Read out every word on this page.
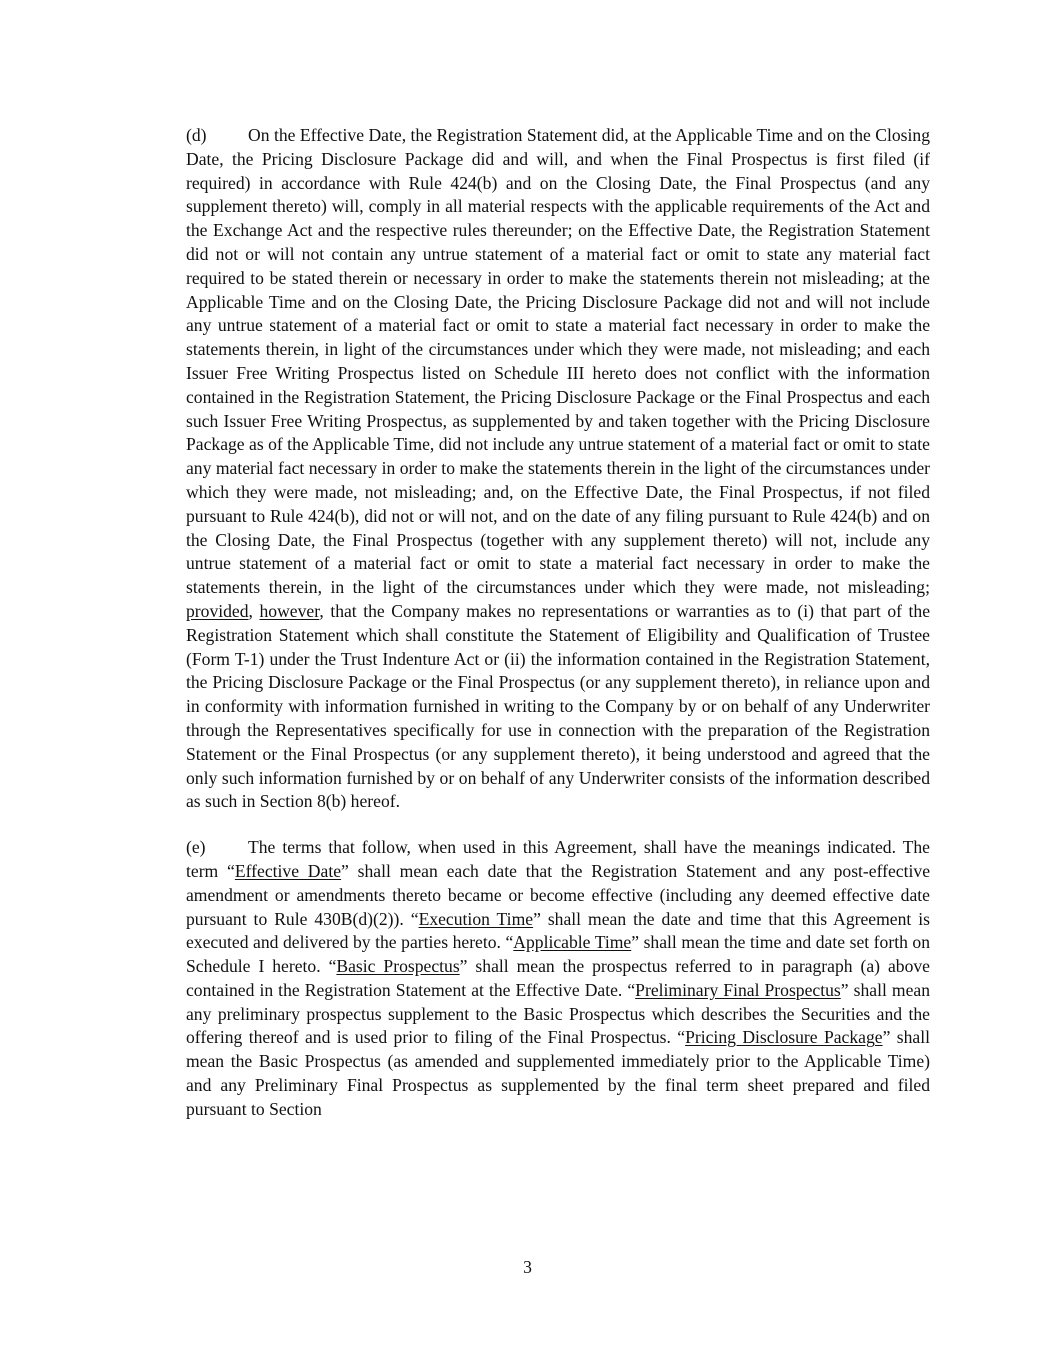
(d) On the Effective Date, the Registration Statement did, at the Applicable Time and on the Closing Date, the Pricing Disclosure Package did and will, and when the Final Prospectus is first filed (if required) in accordance with Rule 424(b) and on the Closing Date, the Final Prospectus (and any supplement thereto) will, comply in all material respects with the applicable requirements of the Act and the Exchange Act and the respective rules thereunder; on the Effective Date, the Registration Statement did not or will not contain any untrue statement of a material fact or omit to state any material fact required to be stated therein or necessary in order to make the statements therein not misleading; at the Applicable Time and on the Closing Date, the Pricing Disclosure Package did not and will not include any untrue statement of a material fact or omit to state a material fact necessary in order to make the statements therein, in light of the circumstances under which they were made, not misleading; and each Issuer Free Writing Prospectus listed on Schedule III hereto does not conflict with the information contained in the Registration Statement, the Pricing Disclosure Package or the Final Prospectus and each such Issuer Free Writing Prospectus, as supplemented by and taken together with the Pricing Disclosure Package as of the Applicable Time, did not include any untrue statement of a material fact or omit to state any material fact necessary in order to make the statements therein in the light of the circumstances under which they were made, not misleading; and, on the Effective Date, the Final Prospectus, if not filed pursuant to Rule 424(b), did not or will not, and on the date of any filing pursuant to Rule 424(b) and on the Closing Date, the Final Prospectus (together with any supplement thereto) will not, include any untrue statement of a material fact or omit to state a material fact necessary in order to make the statements therein, in the light of the circumstances under which they were made, not misleading; provided, however, that the Company makes no representations or warranties as to (i) that part of the Registration Statement which shall constitute the Statement of Eligibility and Qualification of Trustee (Form T-1) under the Trust Indenture Act or (ii) the information contained in the Registration Statement, the Pricing Disclosure Package or the Final Prospectus (or any supplement thereto), in reliance upon and in conformity with information furnished in writing to the Company by or on behalf of any Underwriter through the Representatives specifically for use in connection with the preparation of the Registration Statement or the Final Prospectus (or any supplement thereto), it being understood and agreed that the only such information furnished by or on behalf of any Underwriter consists of the information described as such in Section 8(b) hereof.

(e) The terms that follow, when used in this Agreement, shall have the meanings indicated. The term “Effective Date” shall mean each date that the Registration Statement and any post-effective amendment or amendments thereto became or become effective (including any deemed effective date pursuant to Rule 430B(d)(2)). “Execution Time” shall mean the date and time that this Agreement is executed and delivered by the parties hereto. “Applicable Time” shall mean the time and date set forth on Schedule I hereto. “Basic Prospectus” shall mean the prospectus referred to in paragraph (a) above contained in the Registration Statement at the Effective Date. “Preliminary Final Prospectus” shall mean any preliminary prospectus supplement to the Basic Prospectus which describes the Securities and the offering thereof and is used prior to filing of the Final Prospectus. “Pricing Disclosure Package” shall mean the Basic Prospectus (as amended and supplemented immediately prior to the Applicable Time) and any Preliminary Final Prospectus as supplemented by the final term sheet prepared and filed pursuant to Section

3
